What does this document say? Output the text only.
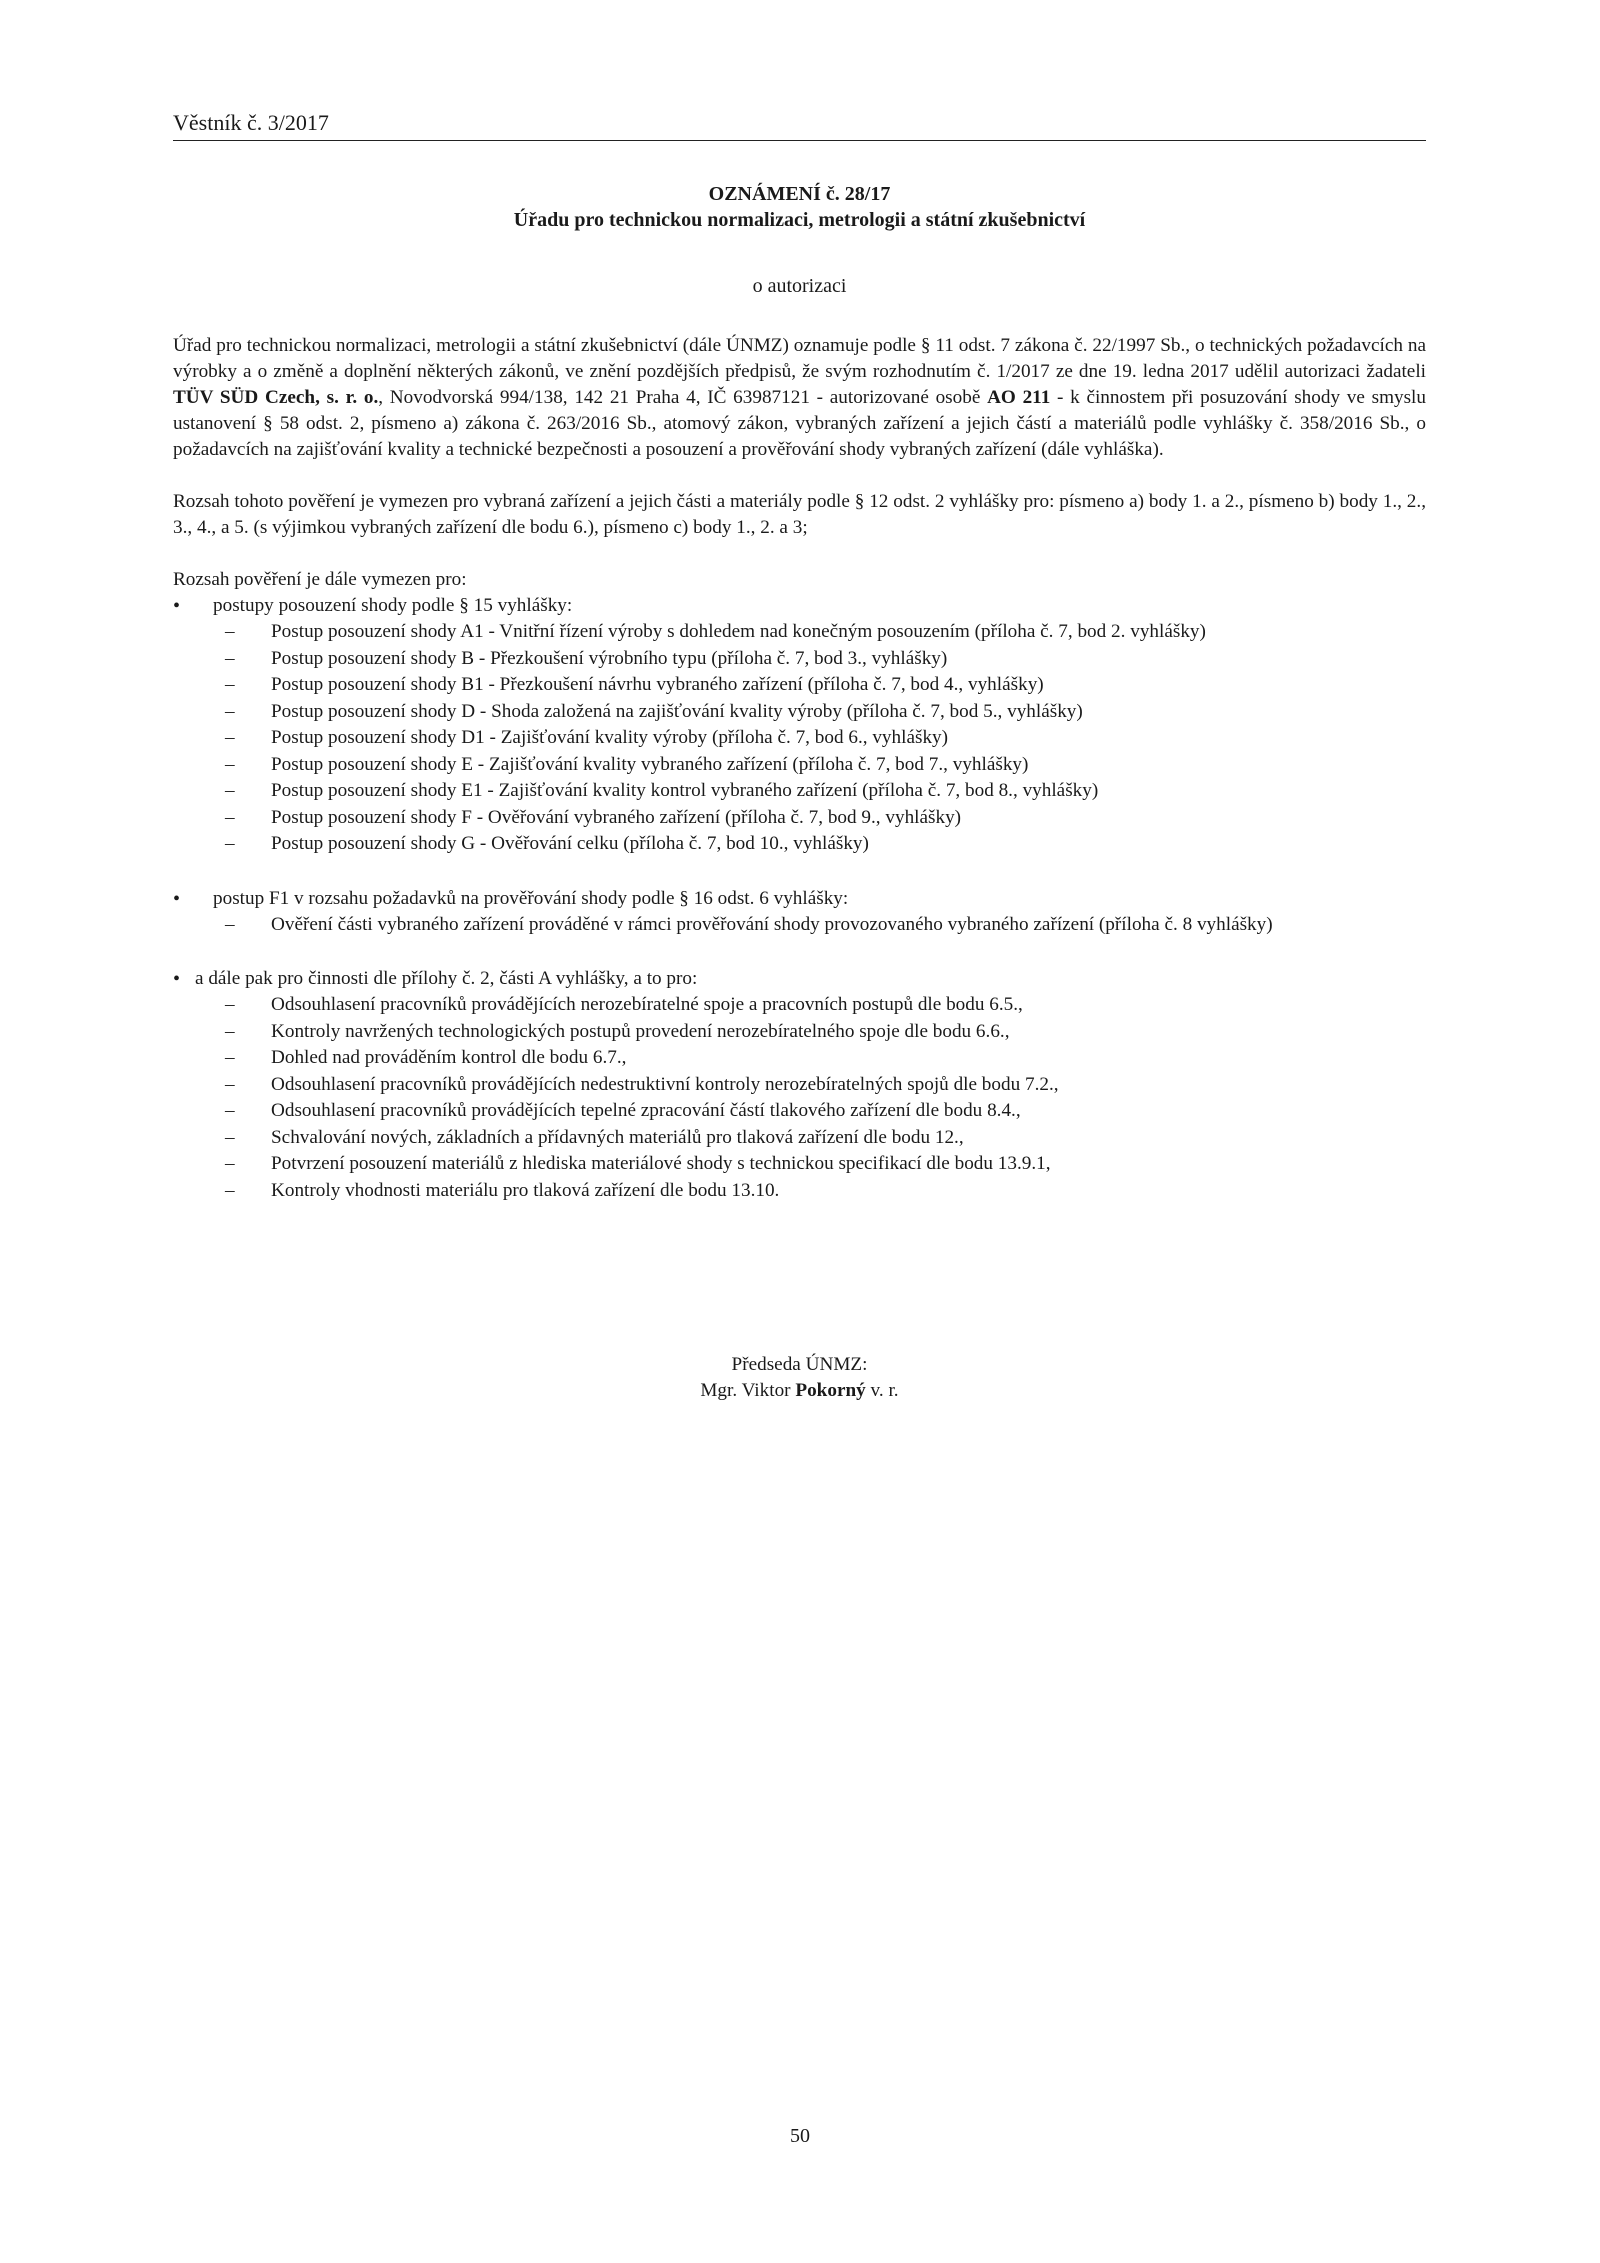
Věstník č. 3/2017
OZNÁMENÍ č. 28/17
Úřadu pro technickou normalizaci, metrologii a státní zkušebnictví
o autorizaci

Úřad pro technickou normalizaci, metrologii a státní zkušebnictví (dále ÚNMZ) oznamuje podle § 11 odst. 7 zákona č. 22/1997 Sb., o technických požadavcích na výrobky a o změně a doplnění některých zákonů, ve znění pozdějších předpisů, že svým rozhodnutím č. 1/2017 ze dne 19. ledna 2017 udělil autorizaci žadateli TÜV SÜD Czech, s. r. o., Novodvorská 994/138, 142 21 Praha 4, IČ 63987121 - autorizované osobě AO 211 - k činnostem při posuzování shody ve smyslu ustanovení § 58 odst. 2, písmeno a) zákona č. 263/2016 Sb., atomový zákon, vybraných zařízení a jejich částí a materiálů podle vyhlášky č. 358/2016 Sb., o požadavcích na zajišťování kvality a technické bezpečnosti a posouzení a prověřování shody vybraných zařízení (dále vyhláška).

Rozsah tohoto pověření je vymezen pro vybraná zařízení a jejich části a materiály podle § 12 odst. 2 vyhlášky pro: písmeno a) body 1. a 2., písmeno b) body 1., 2., 3., 4., a 5. (s výjimkou vybraných zařízení dle bodu 6.), písmeno c) body 1., 2. a 3;

Rozsah pověření je dále vymezen pro:

• postupy posouzení shody podle § 15 vyhlášky:
– Postup posouzení shody A1 - Vnitřní řízení výroby s dohledem nad konečným posouzením (příloha č. 7, bod 2. vyhlášky)
– Postup posouzení shody B - Přezkoušení výrobního typu (příloha č. 7, bod 3., vyhlášky)
– Postup posouzení shody B1 - Přezkoušení návrhu vybraného zařízení (příloha č. 7, bod 4., vyhlášky)
– Postup posouzení shody D - Shoda založená na zajišťování kvality výroby (příloha č. 7, bod 5., vyhlášky)
– Postup posouzení shody D1 - Zajišťování kvality výroby (příloha č. 7, bod 6., vyhlášky)
– Postup posouzení shody E - Zajišťování kvality vybraného zařízení (příloha č. 7, bod 7., vyhlášky)
– Postup posouzení shody E1 - Zajišťování kvality kontrol vybraného zařízení (příloha č. 7, bod 8., vyhlášky)
– Postup posouzení shody F - Ověřování vybraného zařízení (příloha č. 7, bod 9., vyhlášky)
– Postup posouzení shody G - Ověřování celku (příloha č. 7, bod 10., vyhlášky)
• postup F1 v rozsahu požadavků na prověřování shody podle § 16 odst. 6 vyhlášky:
– Ověření části vybraného zařízení prováděné v rámci prověřování shody provozovaného vybraného zařízení (příloha č. 8 vyhlášky)
• a dále pak pro činnosti dle přílohy č. 2, části A vyhlášky, a to pro:
– Odsouhlasení pracovníků provádějících nerozebíratelné spoje a pracovních postupů dle bodu 6.5.,
– Kontroly navržených technologických postupů provedení nerozebíratelného spoje dle bodu 6.6.,
– Dohled nad prováděním kontrol dle bodu 6.7.,
– Odsouhlasení pracovníků provádějících nedestruktivní kontroly nerozebíratelných spojů dle bodu 7.2.,
– Odsouhlasení pracovníků provádějících tepelné zpracování částí tlakového zařízení dle bodu 8.4.,
– Schvalování nových, základních a přídavných materiálů pro tlaková zařízení dle bodu 12.,
– Potvrzení posouzení materiálů z hlediska materiálové shody s technickou specifikací dle bodu 13.9.1,
– Kontroly vhodnosti materiálu pro tlaková zařízení dle bodu 13.10.
Předseda ÚNMZ:
Mgr. Viktor Pokorný v. r.
50
